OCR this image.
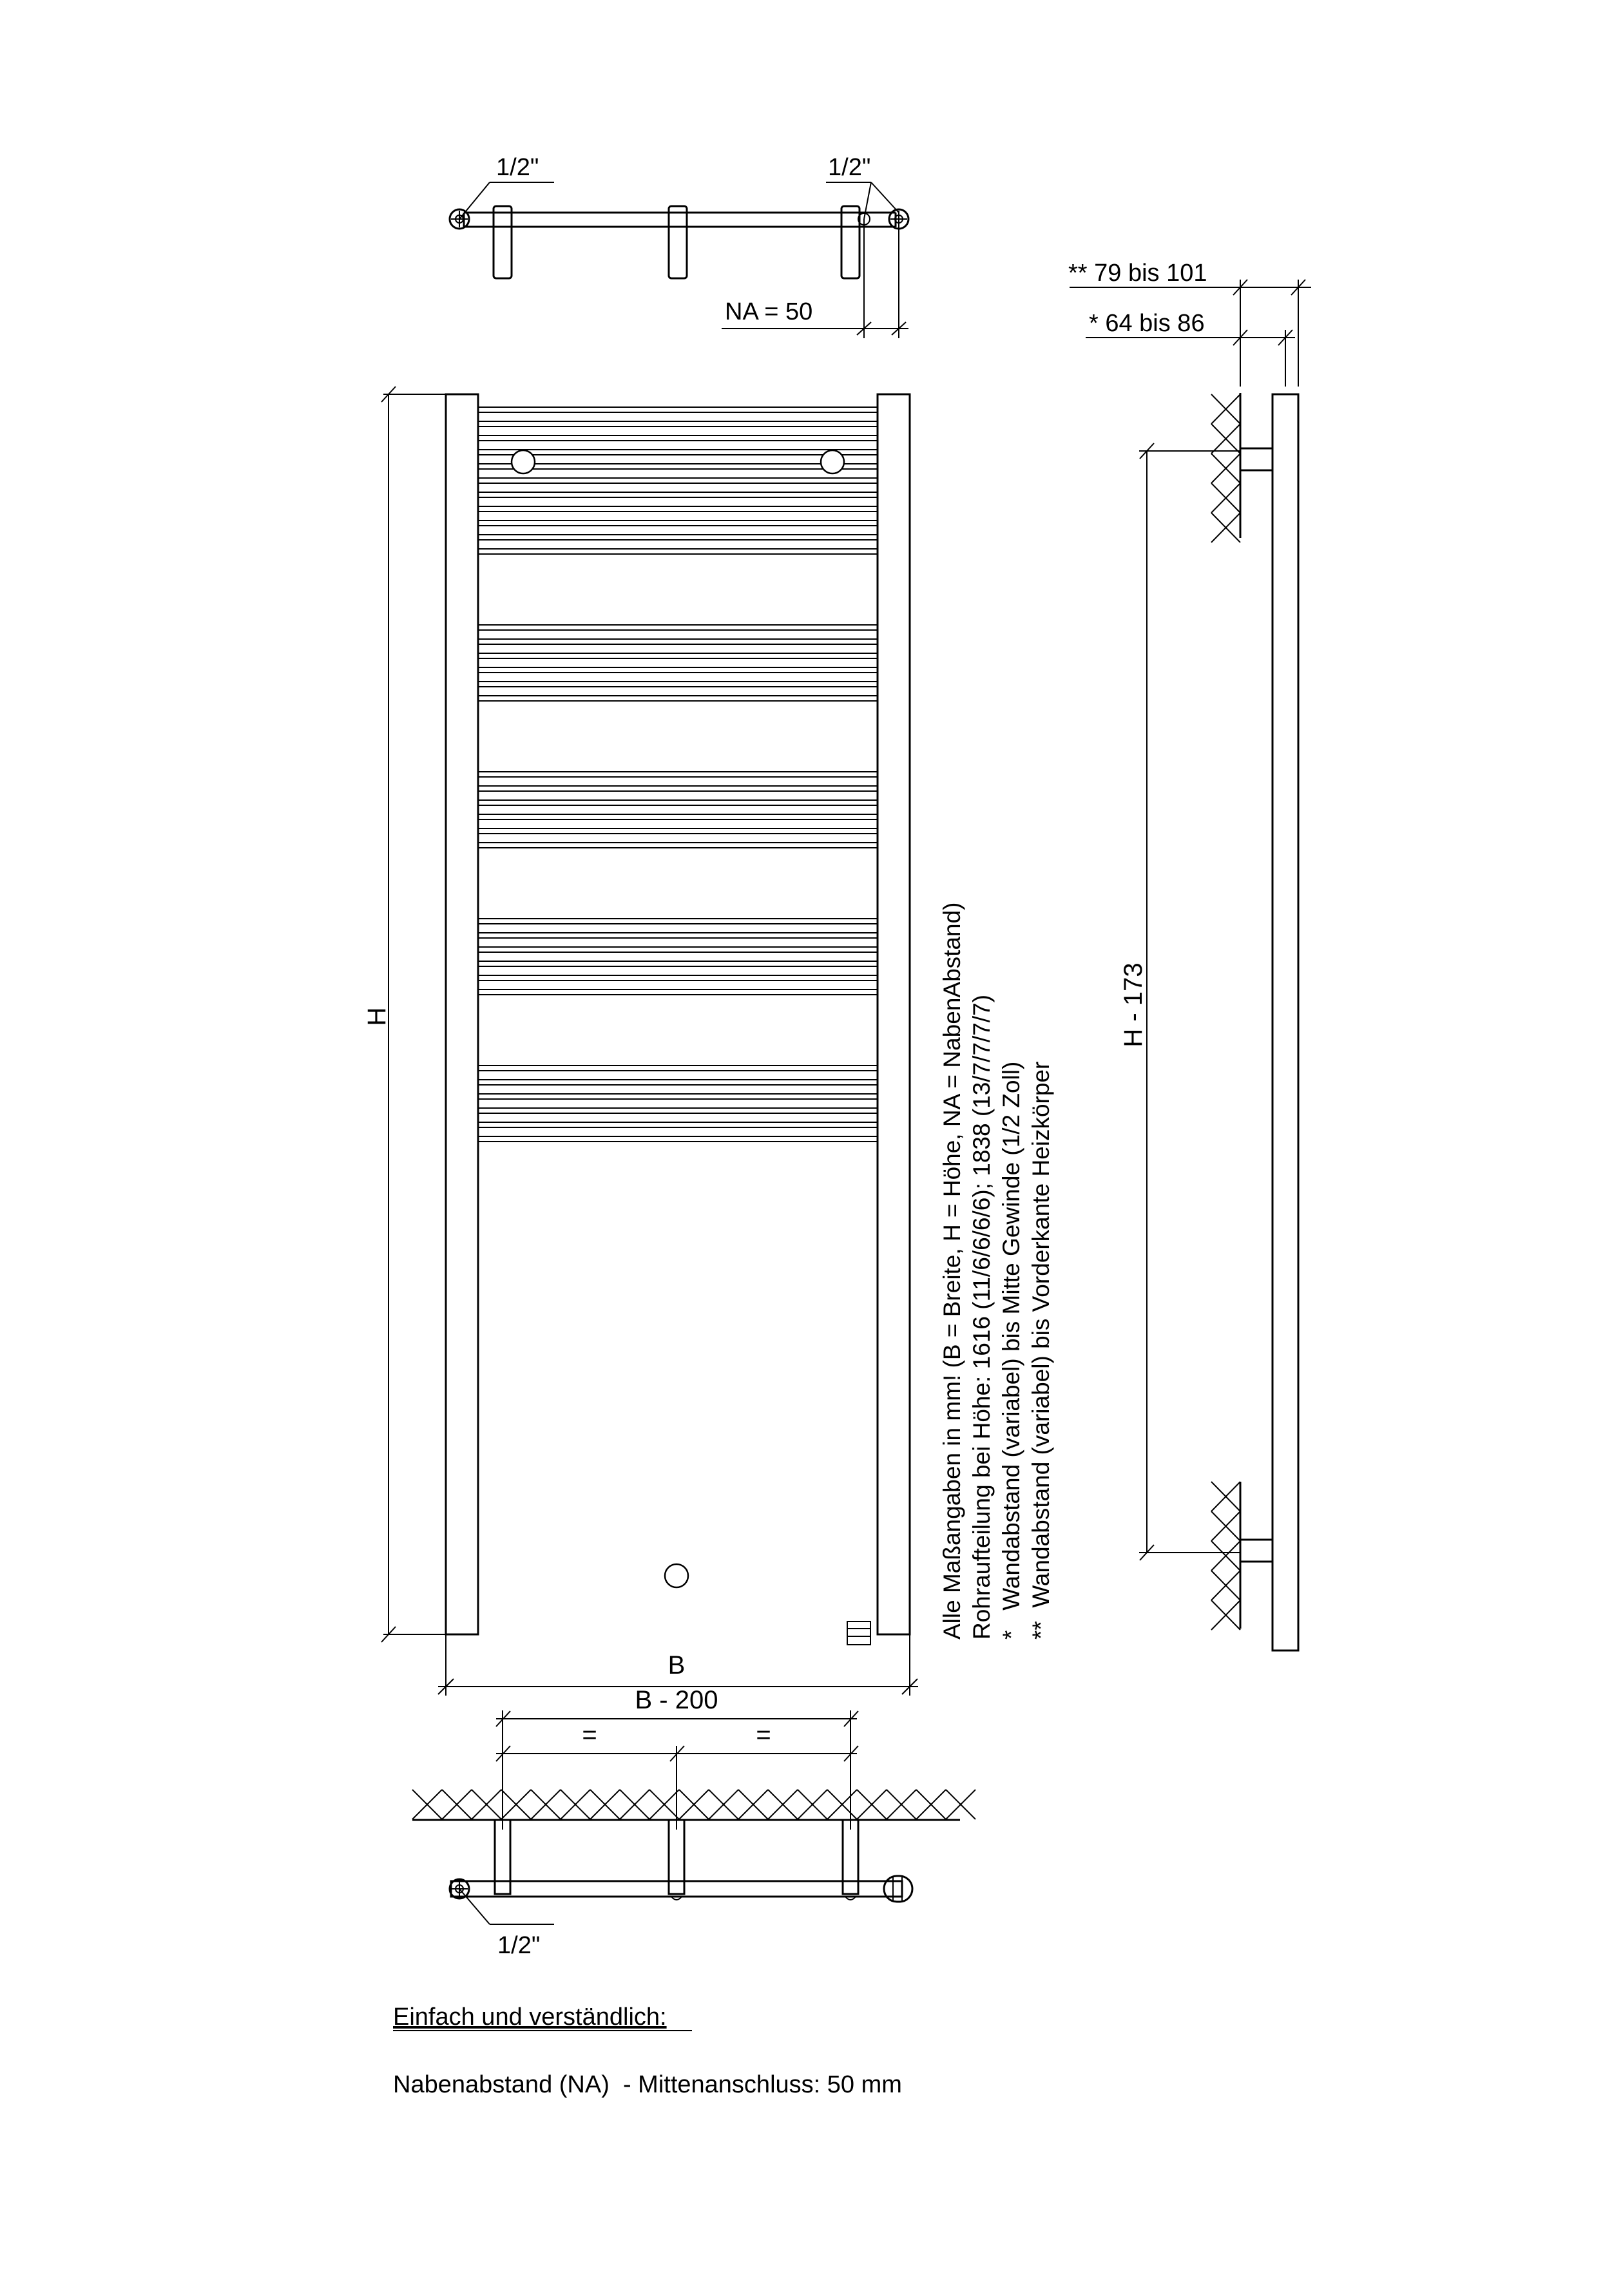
1/2"	1/2"
NA = 50
H
B
B - 200
=	=
1/2"
** 79 bis 101
* 64 bis 86
H - 173
Alle Maßangaben in mm! (B = Breite, H = Höhe, NA = NabenAbstand) Rohraufteilung bei Höhe: 1616 (11/6/6/6/6); 1838 (13/7/7/7/7) *   Wandabstand (variabel) bis Mitte Gewinde (1/2 Zoll) **  Wandabstand (variabel) bis Vorderkante Heizkörper
Einfach und verständlich:
Nabenabstand (NA)  - Mittenanschluss: 50 mm
